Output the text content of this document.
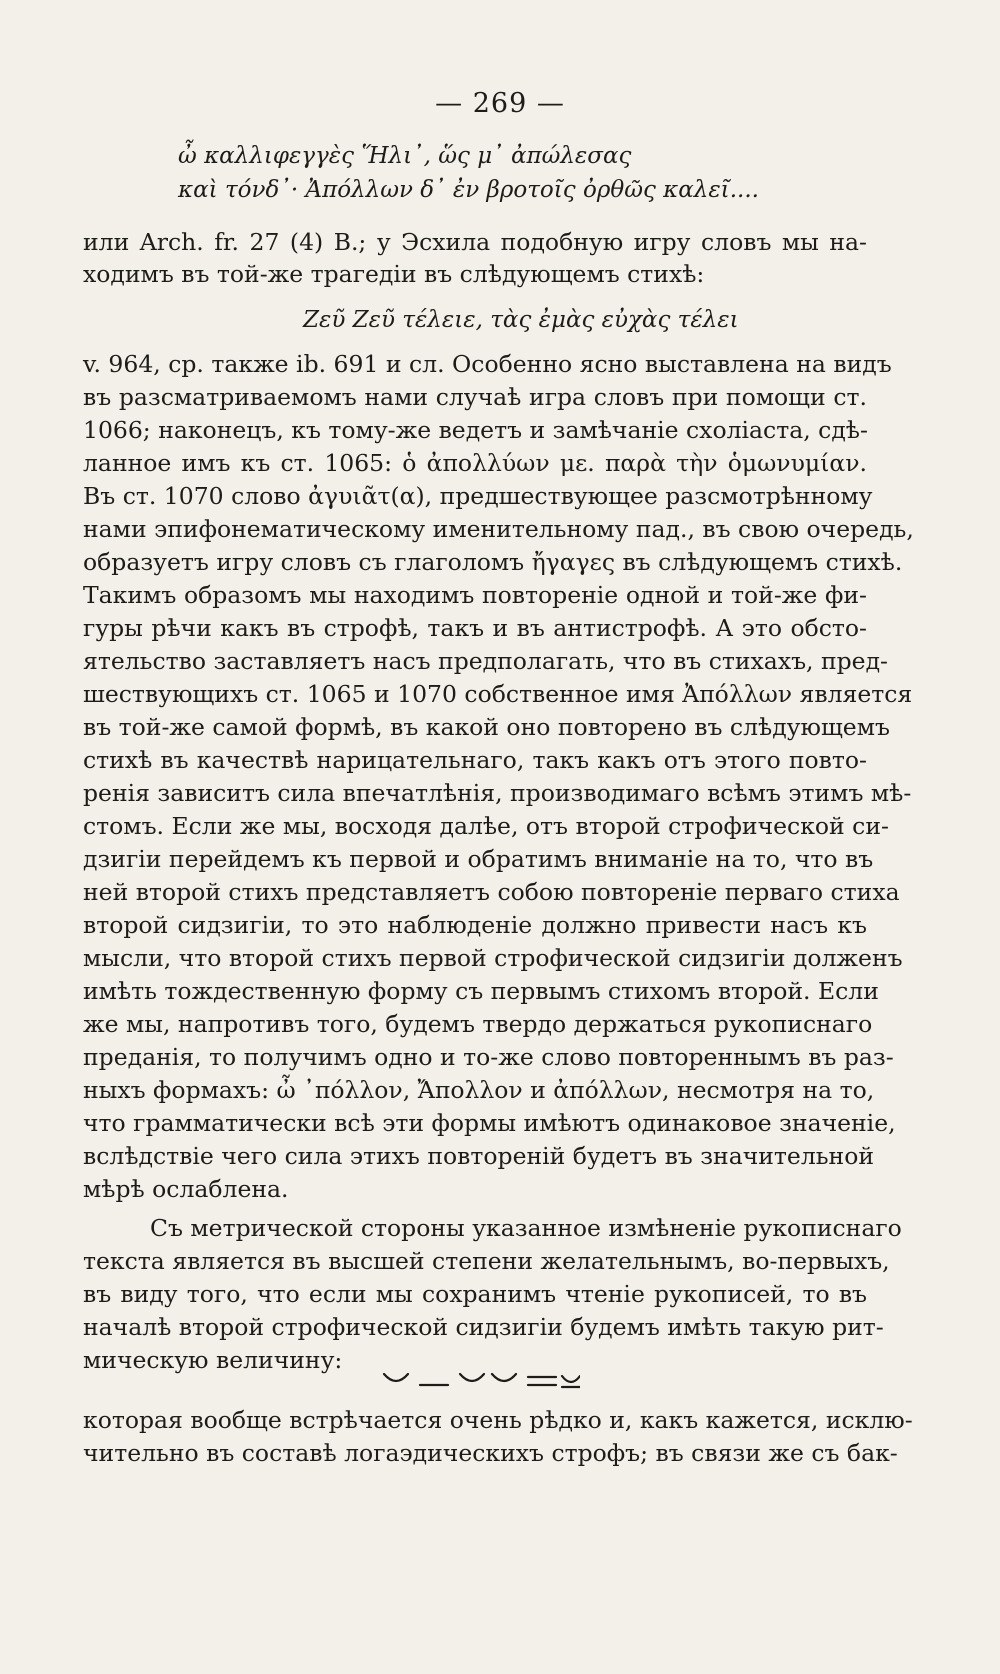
— 269 —
ὦ καλλιφεγγὲς Ἥλι᾽, ὥς μ᾽ ἀπώλεσας
καὶ τόνδ᾽· Ἀπόλλων δ᾽ ἐν βροτοῖς ὀρθῶς καλεῖ....
или Arch. fr. 27 (4) B.; у Эсхила подобную игру словъ мы на-
ходимъ въ той-же трагедіи въ слѣдующемъ стихѣ:
Ζεῦ Ζεῦ τέλειε, τὰς ἐμὰς εὐχὰς τέλει
v. 964, ср. также ib. 691 и сл. Особенно ясно выставлена на видъ
въ разсматриваемомъ нами случаѣ игра словъ при помощи ст.
1066; наконецъ, къ тому-же ведетъ и замѣчаніе схоліаста, сдѣ-
ланное имъ къ ст. 1065: ὁ ἀπολλύων με. παρὰ τὴν ὁμωνυμίαν.
Въ ст. 1070 слово ἀγυιᾶτ(α), предшествующее разсмотрѣнному
нами эпифонематическому именительному пад., въ свою очередь,
образуетъ игру словъ съ глаголомъ ἤγαγες въ слѣдующемъ стихѣ.
Такимъ образомъ мы находимъ повтореніе одной и той-же фи-
гуры рѣчи какъ въ строфѣ, такъ и въ антистрофѣ. А это обсто-
ятельство заставляетъ насъ предполагать, что въ стихахъ, пред-
шествующихъ ст. 1065 и 1070 собственное имя Ἀπόλλων является
въ той-же самой формѣ, въ какой оно повторено въ слѣдующемъ
стихѣ въ качествѣ нарицательнаго, такъ какъ отъ этого повто-
ренія зависитъ сила впечатлѣнія, производимаго всѣмъ этимъ мѣ-
стомъ. Если же мы, восходя далѣе, отъ второй строфической си-
дзигіи перейдемъ къ первой и обратимъ вниманіе на то, что въ
ней второй стихъ представляетъ собою повтореніе перваго стиха
второй сидзигіи, то это наблюденіе должно привести насъ къ
мысли, что второй стихъ первой строфической сидзигіи долженъ
имѣть тождественную форму съ первымъ стихомъ второй. Если
же мы, напротивъ того, будемъ твердо держаться рукописнаго
преданія, то получимъ одно и то-же слово повтореннымъ въ раз-
ныхъ формахъ: ὦ ᾽πόλλον, Ἄπολλον и ἀπόλλων, несмотря на то,
что грамматически всѣ эти формы имѣютъ одинаковое значеніе,
вслѣдствіе чего сила этихъ повтореній будетъ въ значительной
мѣрѣ ослаблена.
Съ метрической стороны указанное измѣненіе рукописнаго
текста является въ высшей степени желательнымъ, во-первыхъ,
въ виду того, что если мы сохранимъ чтеніе рукописей, то въ
началѣ второй строфической сидзигіи будемъ имѣть такую рит-
мическую величину:
которая вообще встрѣчается очень рѣдко и, какъ кажется, исклю-
чительно въ составѣ логаэдическихъ строфъ; въ связи же съ бак-
